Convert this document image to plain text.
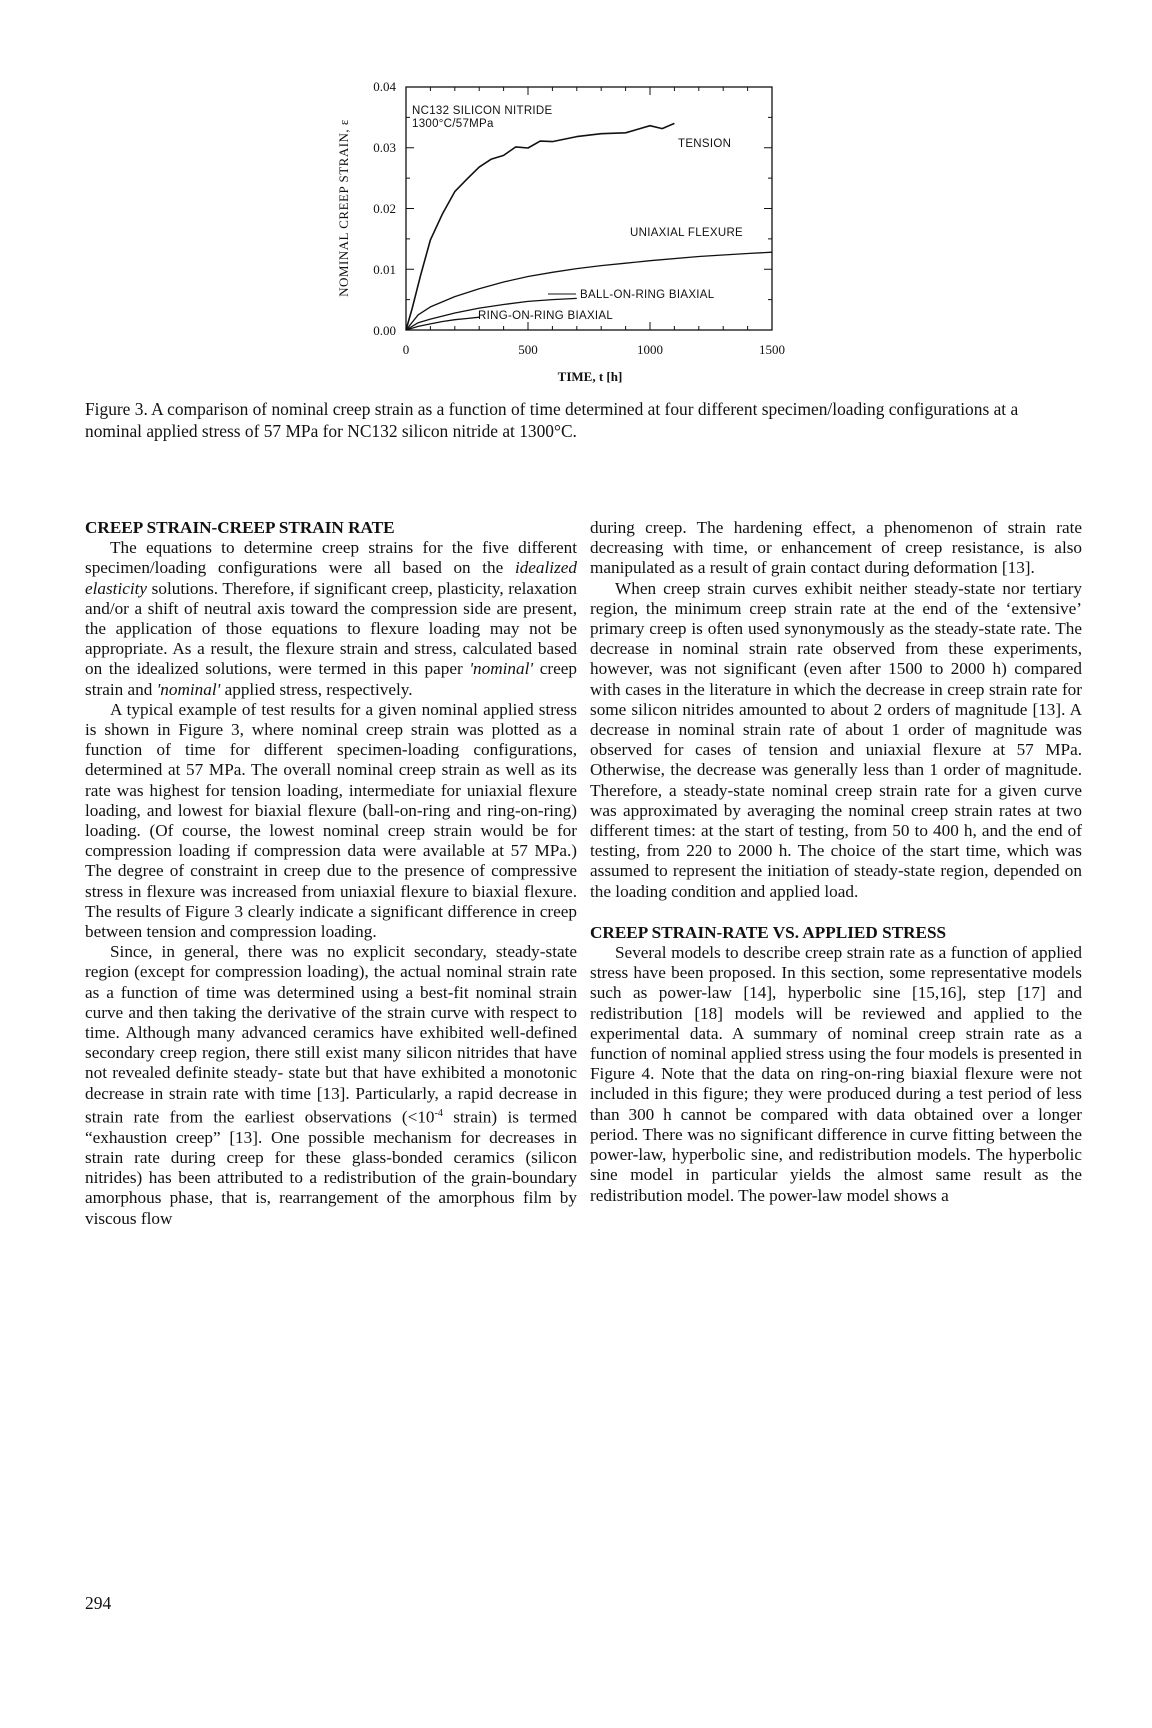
0.04
0.03
0.02
0.01
0.00
0	500	1000	1500
TIME, t [h]
NOMINAL CREEP STRAIN, ε
NC132 SILICON NITRIDE
1300°C/57MPa
TENSION
UNIAXIAL FLEXURE
BALL-ON-RING BIAXIAL
RING-ON-RING BIAXIAL
Figure 3. A comparison of nominal creep strain as a function of time determined at four different specimen/loading configurations at a nominal applied stress of 57 MPa for NC132 silicon nitride at 1300°C.
CREEP STRAIN-CREEP STRAIN RATE

The equations to determine creep strains for the five different specimen/loading configurations were all based on the idealized elasticity solutions. Therefore, if significant creep, plasticity, relaxation and/or a shift of neutral axis toward the compression side are present, the application of those equations to flexure loading may not be appropriate. As a result, the flexure strain and stress, calculated based on the idealized solutions, were termed in this paper 'nominal' creep strain and 'nominal' applied stress, respectively.

A typical example of test results for a given nominal applied stress is shown in Figure 3, where nominal creep strain was plotted as a function of time for different specimen-loading configurations, determined at 57 MPa. The overall nominal creep strain as well as its rate was highest for tension loading, intermediate for uniaxial flexure loading, and lowest for biaxial flexure (ball-on-ring and ring-on-ring) loading. (Of course, the lowest nominal creep strain would be for compression loading if compression data were available at 57 MPa.) The degree of constraint in creep due to the presence of compressive stress in flexure was increased from uniaxial flexure to biaxial flexure. The results of Figure 3 clearly indicate a significant difference in creep between tension and compression loading.

Since, in general, there was no explicit secondary, steady-state region (except for compression loading), the actual nominal strain rate as a function of time was determined using a best-fit nominal strain curve and then taking the derivative of the strain curve with respect to time. Although many advanced ceramics have exhibited well-defined secondary creep region, there still exist many silicon nitrides that have not revealed definite steady- state but that have exhibited a monotonic decrease in strain rate with time [13]. Particularly, a rapid decrease in strain rate from the earliest observations ($<10^{-4}$ strain) is termed “exhaustion creep” [13]. One possible mechanism for decreases in strain rate during creep for these glass-bonded ceramics (silicon nitrides) has been attributed to a redistribution of the grain-boundary amorphous phase, that is, rearrangement of the amorphous film by viscous flow

during creep. The hardening effect, a phenomenon of strain rate decreasing with time, or enhancement of creep resistance, is also manipulated as a result of grain contact during deformation [13].

When creep strain curves exhibit neither steady-state nor tertiary region, the minimum creep strain rate at the end of the ‘extensive’ primary creep is often used synonymously as the steady-state rate. The decrease in nominal strain rate observed from these experiments, however, was not significant (even after 1500 to 2000 h) compared with cases in the literature in which the decrease in creep strain rate for some silicon nitrides amounted to about 2 orders of magnitude [13]. A decrease in nominal strain rate of about 1 order of magnitude was observed for cases of tension and uniaxial flexure at 57 MPa. Otherwise, the decrease was generally less than 1 order of magnitude. Therefore, a steady-state nominal creep strain rate for a given curve was approximated by averaging the nominal creep strain rates at two different times: at the start of testing, from 50 to 400 h, and the end of testing, from 220 to 2000 h. The choice of the start time, which was assumed to represent the initiation of steady-state region, depended on the loading condition and applied load.

CREEP STRAIN-RATE VS. APPLIED STRESS

Several models to describe creep strain rate as a function of applied stress have been proposed. In this section, some representative models such as power-law [14], hyperbolic sine [15,16], step [17] and redistribution [18] models will be reviewed and applied to the experimental data. A summary of nominal creep strain rate as a function of nominal applied stress using the four models is presented in Figure 4. Note that the data on ring-on-ring biaxial flexure were not included in this figure; they were produced during a test period of less than 300 h cannot be compared with data obtained over a longer period. There was no significant difference in curve fitting between the power-law, hyperbolic sine, and redistribution models. The hyperbolic sine model in particular yields the almost same result as the redistribution model. The power-law model shows a

294
